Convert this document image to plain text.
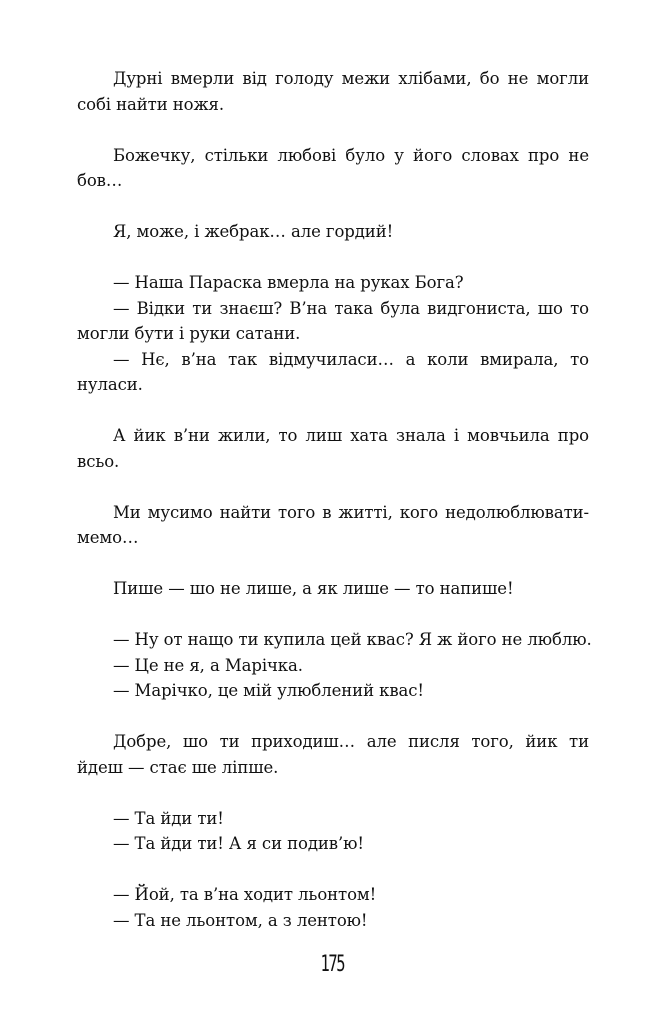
Дурні вмерли від голоду межи хлібами, бо не могли
собі найти ножя.
Божечку, стільки любові було у його словах про не
бов…
Я, може, і жебрак… але гордий!
— Наша Параска вмерла на руках Бога?
— Відки ти знаєш? В’на така була видгониста, шо то
могли бути і руки сатани.
— Нє, в’на так відмучиласи… а коли вмирала, то
нуласи.
А йик в’ни жили, то лиш хата знала і мовчьила про
всьо.
Ми мусимо найти того в житті, кого недолюблювати-
мемо…
Пише — шо не лише, а як лише — то напише!
— Ну от нащо ти купила цей квас? Я ж його не люблю.
— Це не я, а Марічка.
— Марічко, це мій улюблений квас!
Добре, шо ти приходиш… але писля того, йик ти
йдеш — стає ше ліпше.
— Та йди ти!
— Та йди ти! А я си подив’ю!
— Йой, та в’на ходит льонтом!
— Та не льонтом, а з лентою!
175
